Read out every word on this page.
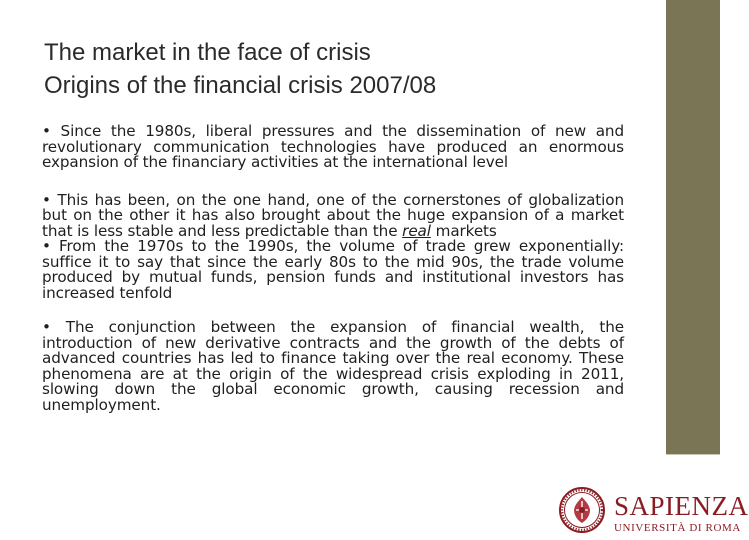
The market in the face of crisis
Origins of the financial crisis 2007/08

• Since the 1980s, liberal pressures and the dissemination of new and revolutionary communication technologies have produced an enormous expansion of the financiary activities at the international level

• This has been, on the one hand, one of the cornerstones of globalization but on the other it has also brought about the huge expansion of a market that is less stable and less predictable than the real markets

• From the 1970s to the 1990s, the volume of trade grew exponentially: suffice it to say that since the early 80s to the mid 90s, the trade volume produced by mutual funds, pension funds and institutional investors has increased tenfold

• The conjunction between the expansion of financial wealth, the introduction of new derivative contracts and the growth of the debts of advanced countries has led to finance taking over the real economy. These phenomena are at the origin of the widespread crisis exploding in 2011, slowing down the global economic growth, causing recession and unemployment.

SAPIENZA
UNIVERSITÀ DI ROMA
